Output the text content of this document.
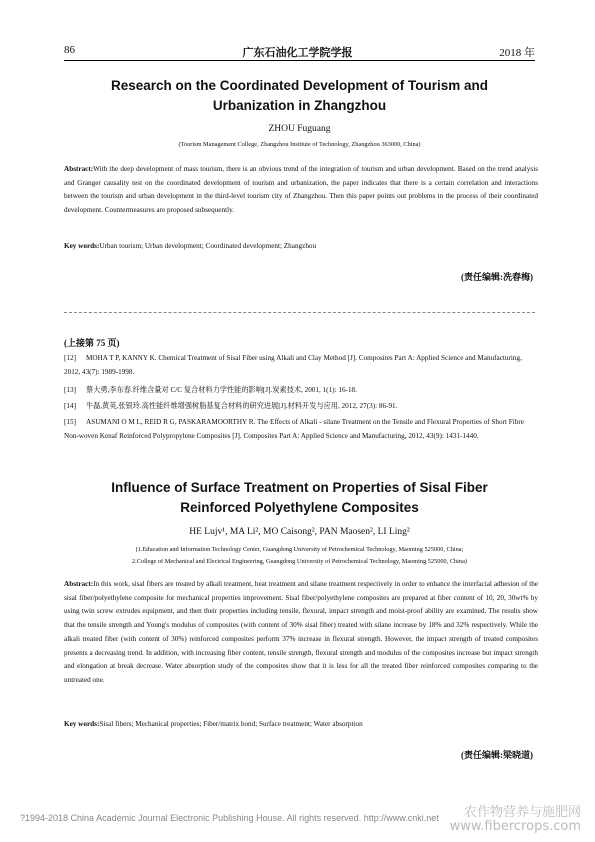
86	广东石油化工学院学报	2018 年
Research on the Coordinated Development of Tourism and
Urbanization in Zhangzhou
ZHOU Fuguang
(Tourism Management College, Zhangzhou Institute of Technology, Zhangzhou 363000, China)
Abstract:With the deep development of mass tourism, there is an obvious trend of the integration of tourism and urban development. Based on the trend analysis and Granger causality test on the coordinated development of tourism and urbanization, the paper indicates that there is a certain correlation and interactions between the tourism and urban development in the third-level tourism city of Zhangzhou. Then this paper points out problems in the process of their coordinated development. Countermeasures are proposed subsequently.
Key words:Urban tourism; Urban development; Coordinated development; Zhangzhou
(责任编辑:冼春梅)
(上接第 75 页)
[12] MOHA T P, KANNY K. Chemical Treatment of Sisal Fiber using Alkali and Clay Method [J]. Composites Part A: Applied Science and Manufacturing, 2012, 43(7): 1989-1998.
[13] 蔡大勇,李东春.纤维含量对 C/C 复合材料力学性能的影响[J].炭素技术, 2001, 1(1): 16-18.
[14] 牛磊,黄英,张银玲.高性能纤维增强树脂基复合材料的研究进展[J].材料开发与应用, 2012, 27(3): 86-91.
[15] ASUMANI O M L, REID R G, PASKARAMOORTHY R. The Effects of Alkali - silane Treatment on the Tensile and Flexural Properties of Short Fibre Non-woven Kenaf Reinforced Polypropylene Composites [J]. Composites Part A: Applied Science and Manufacturing, 2012, 43(9): 1431-1440.
Influence of Surface Treatment on Properties of Sisal Fiber
Reinforced Polyethylene Composites
HE Lujv¹, MA Li², MO Caisong², PAN Maosen², LI Ling²
(1.Education and Information Technology Center, Guangdong University of Petrochemical Technology, Maoming 525000, China;
2.College of Mechanical and Electrical Engineering, Guangdong University of Petrochemical Technology, Maoming 525000, China)
Abstract:In this work, sisal fibers are treated by alkali treatment, heat treatment and silane treatment respectively in order to enhance the interfacial adhesion of the sisal fiber/polyethylene composite for mechanical properties improvement. Sisal fiber/polyethylene composites are prepared at fiber content of 10, 20, 30wt% by using twin screw extrudes equipment, and then their properties including tensile, flexural, impact strength and moist-proof ability are examined. The results show that the tensile strength and Young's modulus of composites (with content of 30% sisal fiber) treated with silane increase by 18% and 32% respectively. While the alkali treated fiber (with content of 30%) reinforced composites perform 37% increase in flexural strength. However, the impact strength of treated composites presents a decreasing trend. In addition, with increasing fiber content, tensile strength, flexural strength and modulus of the composites increase but impact strength and elongation at break decrease. Water absorption study of the composites show that it is less for all the treated fiber reinforced composites comparing to the untreated one.
Key words:Sisal fibers; Mechanical properties; Fiber/matrix bond; Surface treatment; Water absorption
(责任编辑:梁晓道)
?1994-2018 China Academic Journal Electronic Publishing House. All rights reserved. http://www.cnki.net	农作物营养与施肥网
www.fibercrops.com
